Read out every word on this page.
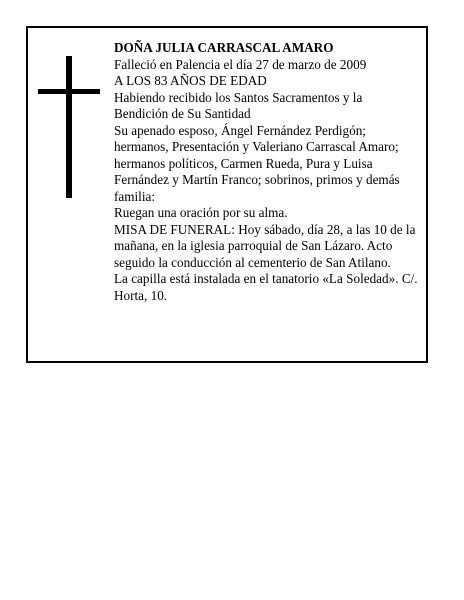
DOÑA JULIA CARRASCAL AMARO

Falleció en Palencia el día 27 de marzo de 2009

A LOS 83 AÑOS DE EDAD

Habiendo recibido los Santos Sacramentos y la Bendición de Su Santidad

Su apenado esposo, Ángel Fernández Perdigón; hermanos, Presentación y Valeriano Carrascal Amaro; hermanos políticos, Carmen Rueda, Pura y Luisa Fernández y Martín Franco; sobrinos, primos y demás familia:

Ruegan una oración por su alma.

MISA DE FUNERAL: Hoy sábado, día 28, a las 10 de la mañana, en la iglesia parroquial de San Lázaro. Acto seguido la conducción al cementerio de San Atilano.

La capilla está instalada en el tanatorio «La Soledad». C/. Horta, 10.
